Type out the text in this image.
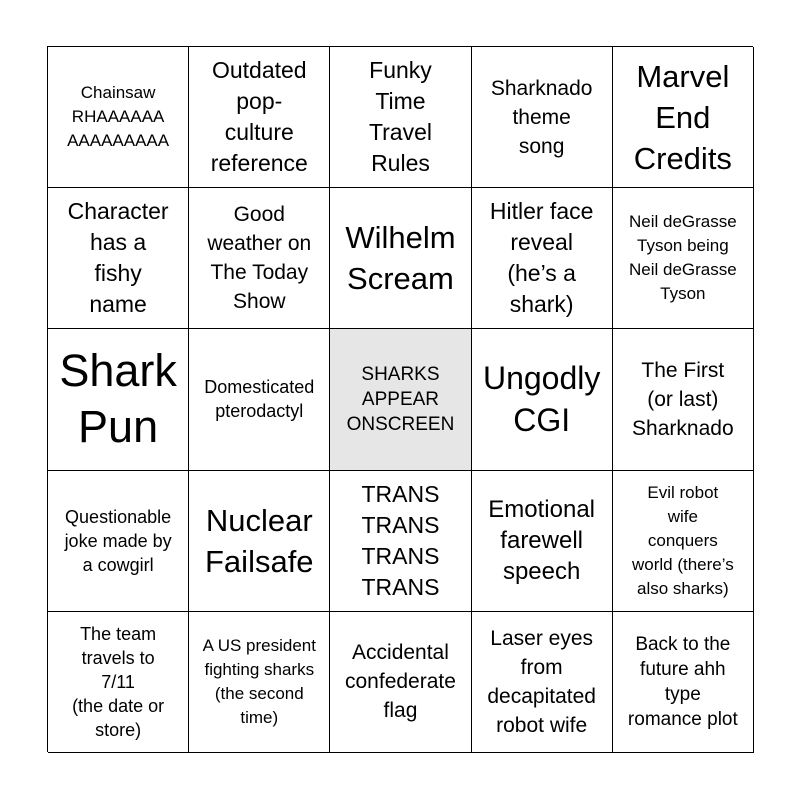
Chainsaw
RHAAAAAA
AAAAAAAAA
Outdated
pop-
culture
reference
Funky
Time
Travel
Rules
Sharknado
theme
song
Marvel
End
Credits
Character
has a
fishy
name
Good
weather on
The Today
Show
Wilhelm
Scream
Hitler face
reveal
(he’s a
shark)
Neil deGrasse
Tyson being
Neil deGrasse
Tyson
Shark
Pun
Domesticated
pterodactyl
SHARKS
APPEAR
ONSCREEN
Ungodly
CGI
The First
(or last)
Sharknado
Questionable
joke made by
a cowgirl
Nuclear
Failsafe
TRANS
TRANS
TRANS
TRANS
Emotional
farewell
speech
Evil robot
wife
conquers
world (there’s
also sharks)
The team
travels to
7/11
(the date or
store)
A US president
fighting sharks
(the second
time)
Accidental
confederate
flag
Laser eyes
from
decapitated
robot wife
Back to the
future ahh
type
romance plot
